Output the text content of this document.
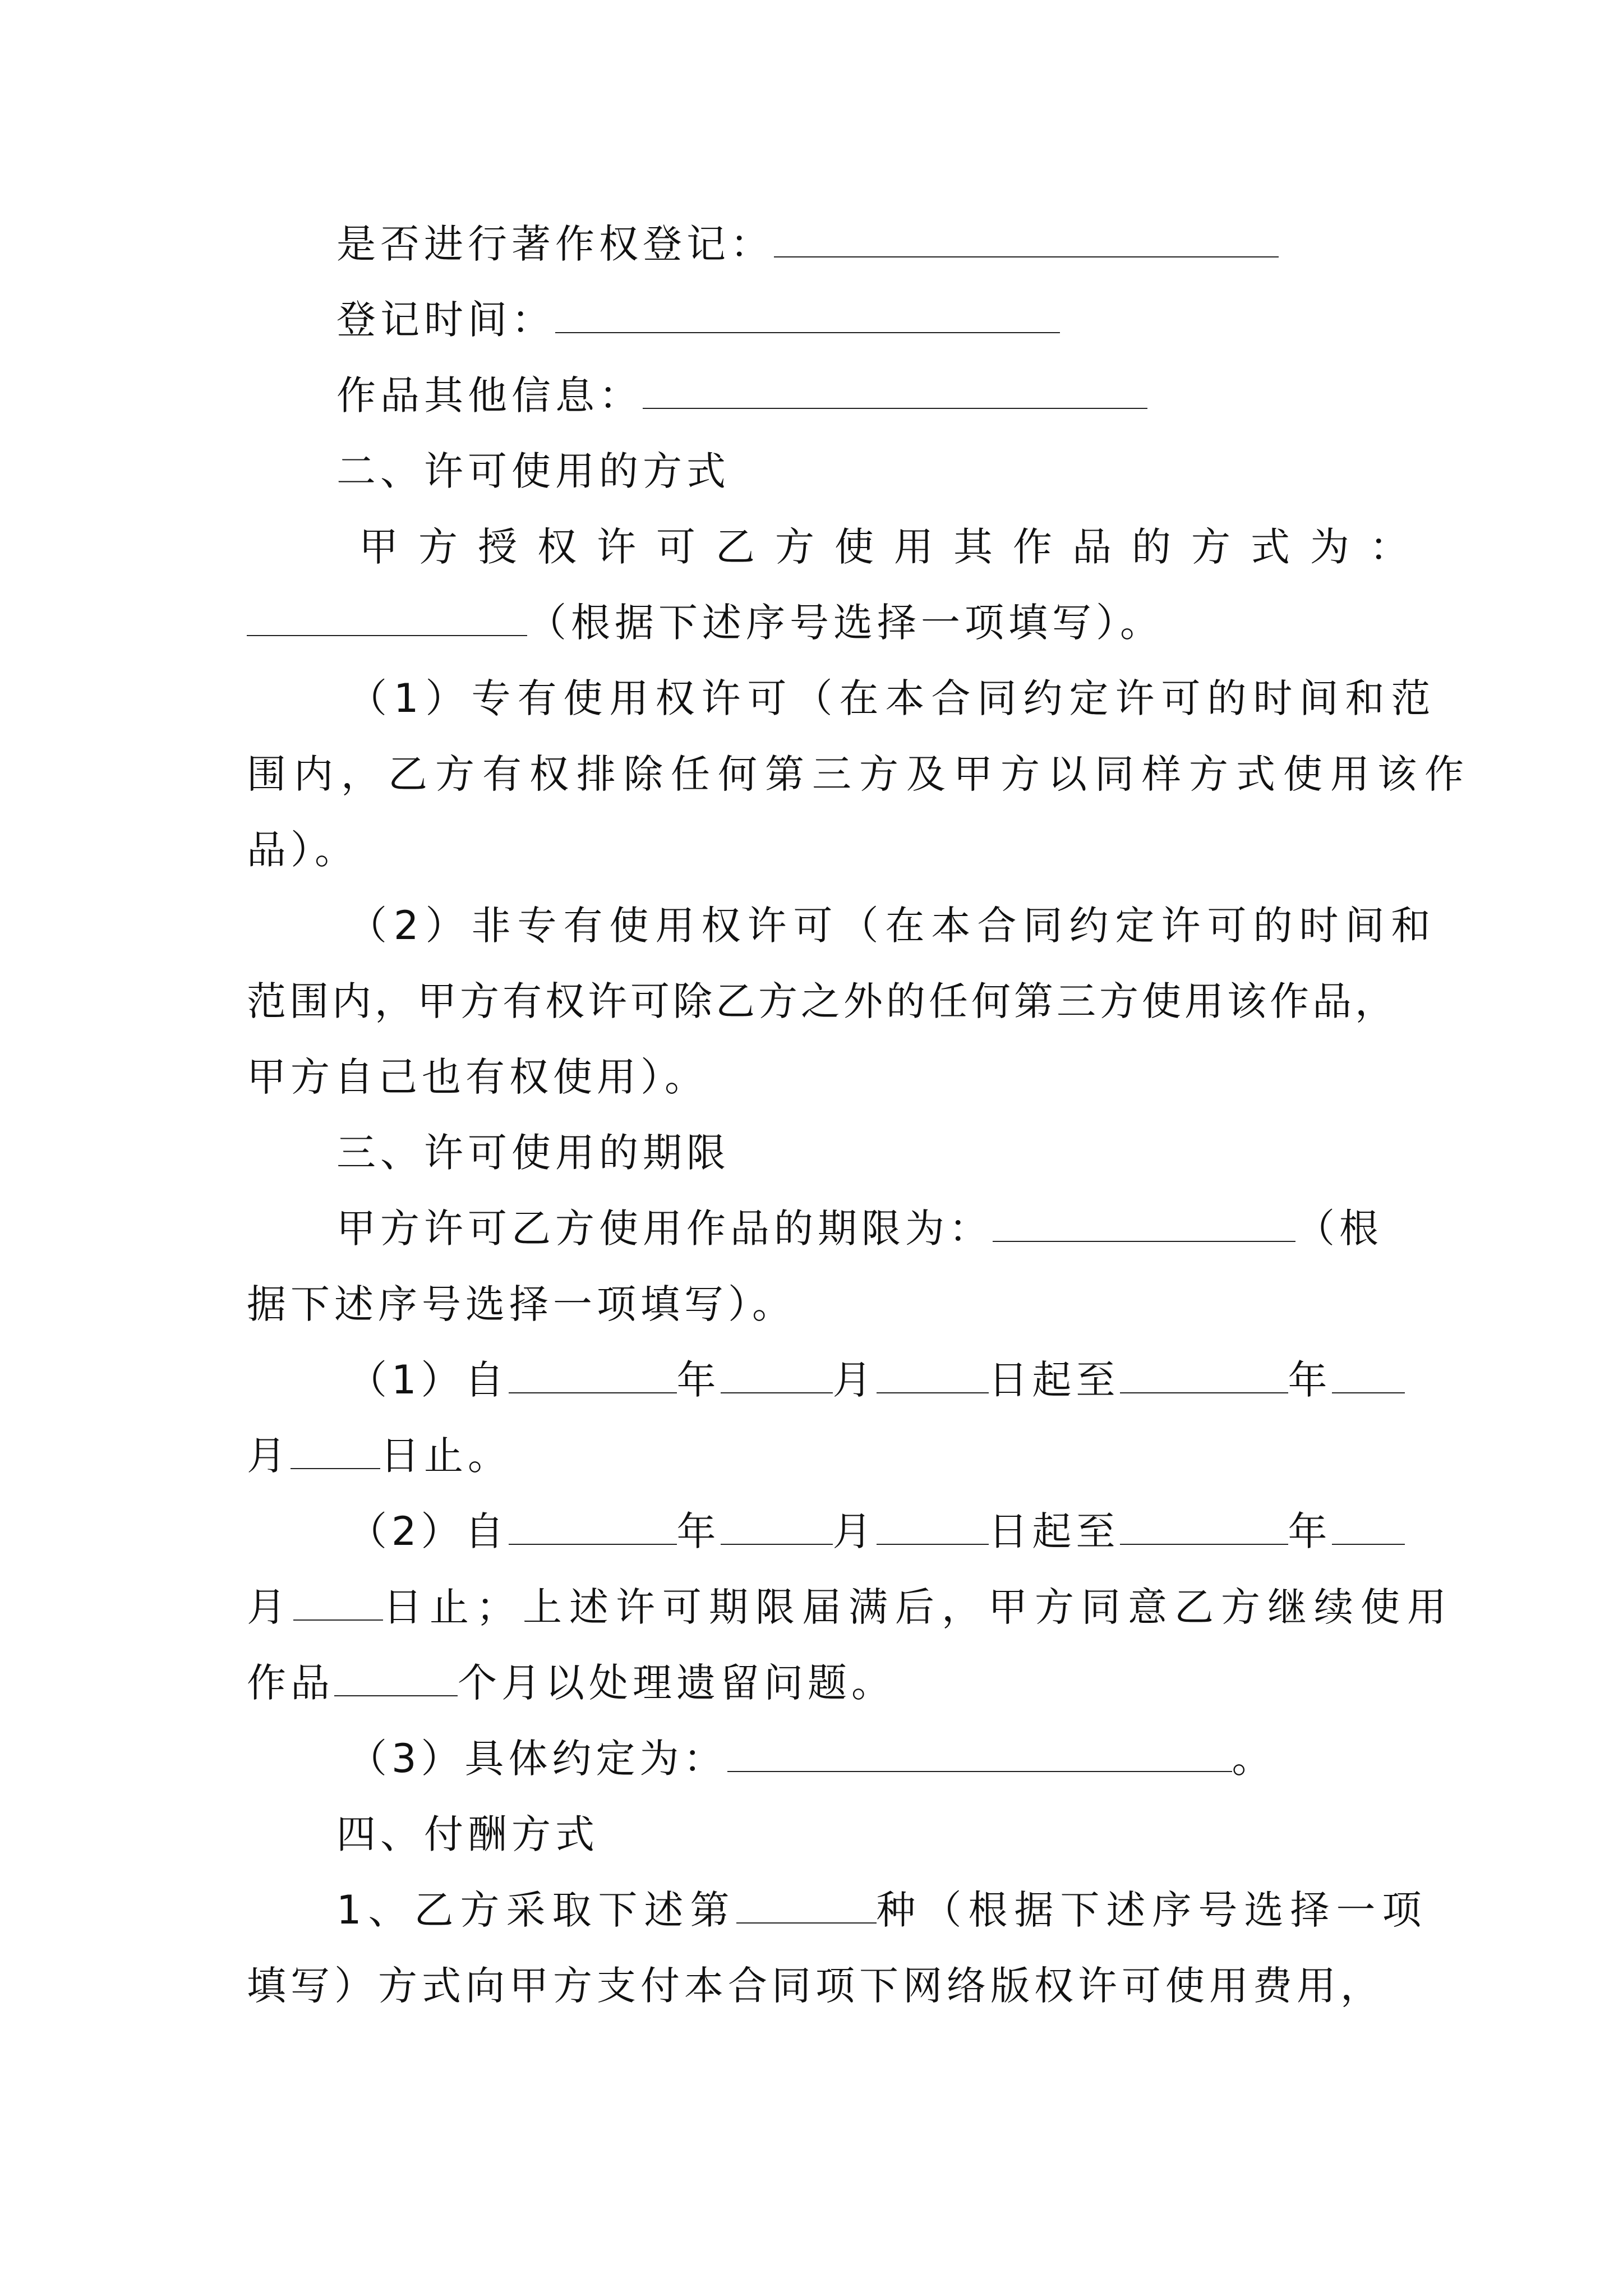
是否进行著作权登记：
登记时间：
作品其他信息：
二、许可使用的方式
甲方授权许可乙方使用其作品的方式为：
（根据下述序号选择一项填写）。
（1）专有使用权许可（在本合同约定许可的时间和范
围内，乙方有权排除任何第三方及甲方以同样方式使用该作
品）。
（2）非专有使用权许可（在本合同约定许可的时间和
范围内，甲方有权许可除乙方之外的任何第三方使用该作品，
甲方自己也有权使用）。
三、许可使用的期限
甲方许可乙方使用作品的期限为：	（根
据下述序号选择一项填写）。
（1）自	年	月	日起至	年
月 日止。
（2）自	年	月	日起至	年
月 日止；上述许可期限届满后，甲方同意乙方继续使用
作品	个月以处理遗留问题。
（3）具体约定为：	。
四、付酬方式
1、乙方采取下述第	种（根据下述序号选择一项
填写）方式向甲方支付本合同项下网络版权许可使用费用，
